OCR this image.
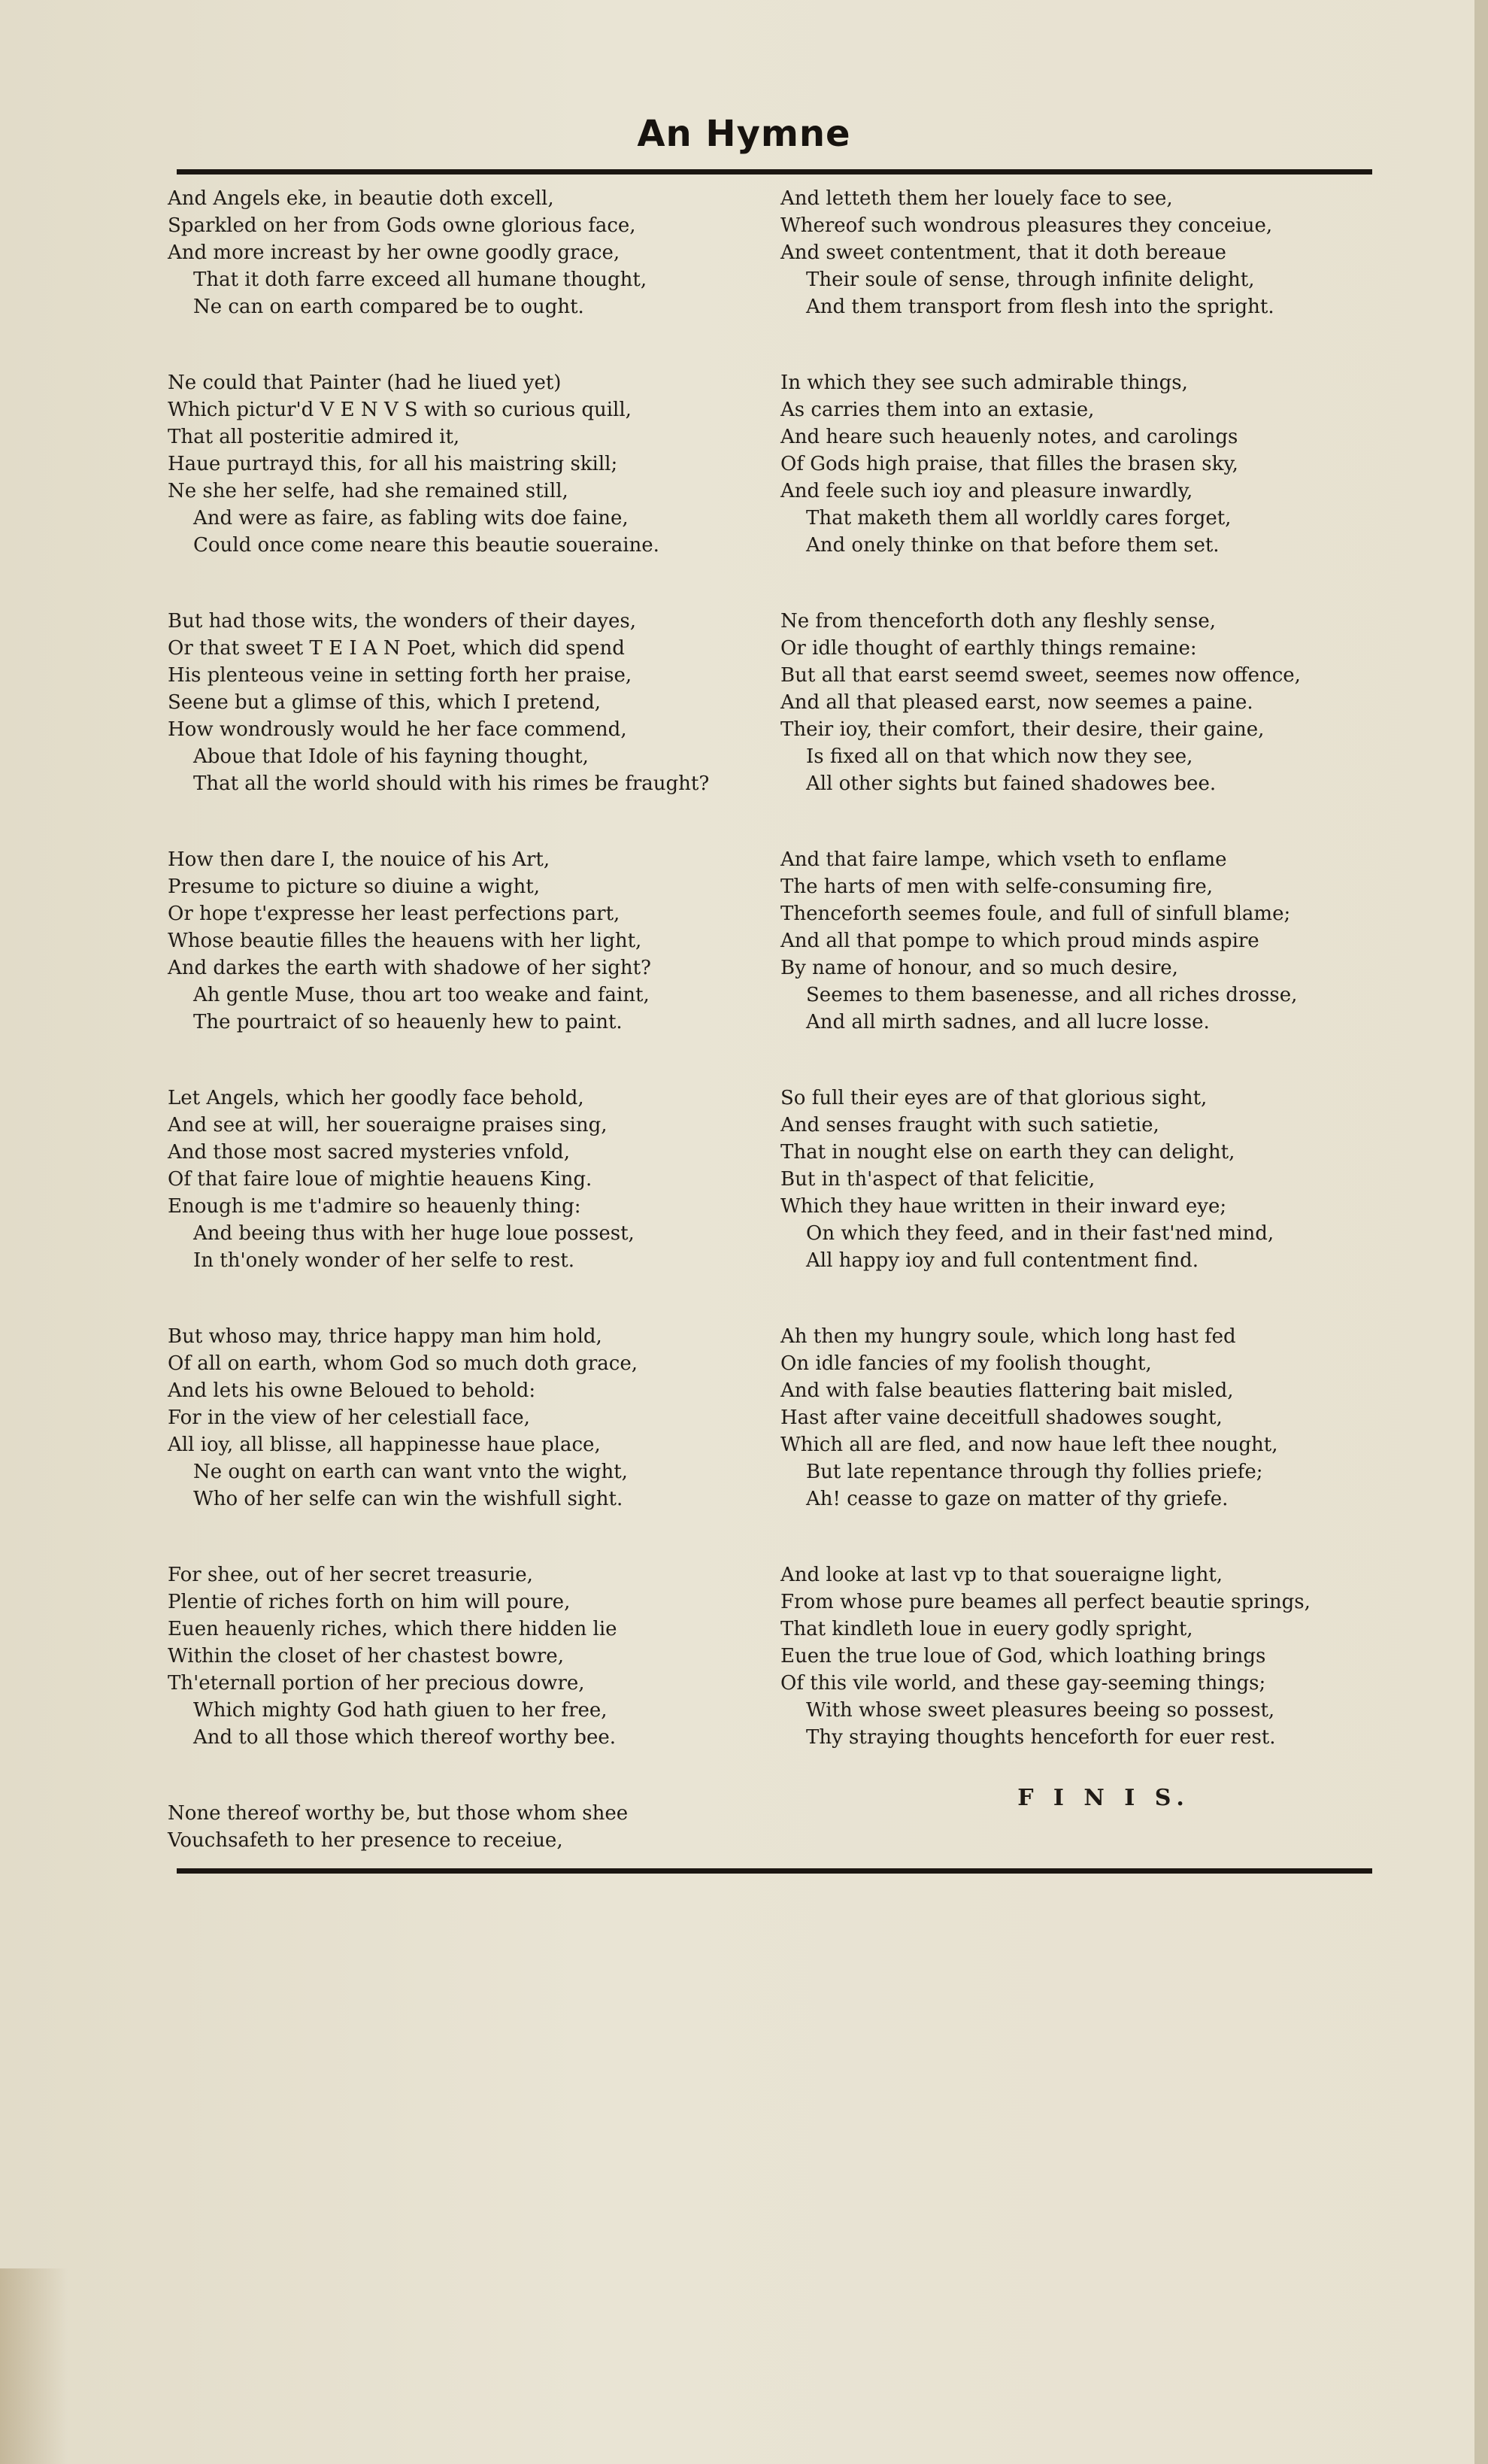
An Hymne
And Angels eke, in beautie doth excell,
Sparkled on her from Gods owne glorious face,
And more increast by her owne goodly grace,
That it doth farre exceed all humane thought,
Ne can on earth compared be to ought.
Ne could that Painter (had he liued yet)
Which pictur'd V E N V S with so curious quill,
That all posteritie admired it,
Haue purtrayd this, for all his maistring skill;
Ne she her selfe, had she remained still,
And were as faire, as fabling wits doe faine,
Could once come neare this beautie soueraine.
But had those wits, the wonders of their dayes,
Or that sweet T E I A N Poet, which did spend
His plenteous veine in setting forth her praise,
Seene but a glimse of this, which I pretend,
How wondrously would he her face commend,
Aboue that Idole of his fayning thought,
That all the world should with his rimes be fraught?
How then dare I, the nouice of his Art,
Presume to picture so diuine a wight,
Or hope t'expresse her least perfections part,
Whose beautie filles the heauens with her light,
And darkes the earth with shadowe of her sight?
Ah gentle Muse, thou art too weake and faint,
The pourtraict of so heauenly hew to paint.
Let Angels, which her goodly face behold,
And see at will, her soueraigne praises sing,
And those most sacred mysteries vnfold,
Of that faire loue of mightie heauens King.
Enough is me t'admire so heauenly thing:
And beeing thus with her huge loue possest,
In th'onely wonder of her selfe to rest.
But whoso may, thrice happy man him hold,
Of all on earth, whom God so much doth grace,
And lets his owne Beloued to behold:
For in the view of her celestiall face,
All ioy, all blisse, all happinesse haue place,
Ne ought on earth can want vnto the wight,
Who of her selfe can win the wishfull sight.
For shee, out of her secret treasurie,
Plentie of riches forth on him will poure,
Euen heauenly riches, which there hidden lie
Within the closet of her chastest bowre,
Th'eternall portion of her precious dowre,
Which mighty God hath giuen to her free,
And to all those which thereof worthy bee.
None thereof worthy be, but those whom shee
Vouchsafeth to her presence to receiue,
And letteth them her louely face to see,
Whereof such wondrous pleasures they conceiue,
And sweet contentment, that it doth bereaue
Their soule of sense, through infinite delight,
And them transport from flesh into the spright.
In which they see such admirable things,
As carries them into an extasie,
And heare such heauenly notes, and carolings
Of Gods high praise, that filles the brasen sky,
And feele such ioy and pleasure inwardly,
That maketh them all worldly cares forget,
And onely thinke on that before them set.
Ne from thenceforth doth any fleshly sense,
Or idle thought of earthly things remaine:
But all that earst seemd sweet, seemes now offence,
And all that pleased earst, now seemes a paine.
Their ioy, their comfort, their desire, their gaine,
Is fixed all on that which now they see,
All other sights but fained shadowes bee.
And that faire lampe, which vseth to enflame
The harts of men with selfe-consuming fire,
Thenceforth seemes foule, and full of sinfull blame;
And all that pompe to which proud minds aspire
By name of honour, and so much desire,
Seemes to them basenesse, and all riches drosse,
And all mirth sadnes, and all lucre losse.
So full their eyes are of that glorious sight,
And senses fraught with such satietie,
That in nought else on earth they can delight,
But in th'aspect of that felicitie,
Which they haue written in their inward eye;
On which they feed, and in their fast'ned mind,
All happy ioy and full contentment find.
Ah then my hungry soule, which long hast fed
On idle fancies of my foolish thought,
And with false beauties flattering bait misled,
Hast after vaine deceitfull shadowes sought,
Which all are fled, and now haue left thee nought,
But late repentance through thy follies priefe;
Ah! ceasse to gaze on matter of thy griefe.
And looke at last vp to that soueraigne light,
From whose pure beames all perfect beautie springs,
That kindleth loue in euery godly spright,
Euen the true loue of God, which loathing brings
Of this vile world, and these gay-seeming things;
With whose sweet pleasures beeing so possest,
Thy straying thoughts henceforth for euer rest.
F I N I S.
